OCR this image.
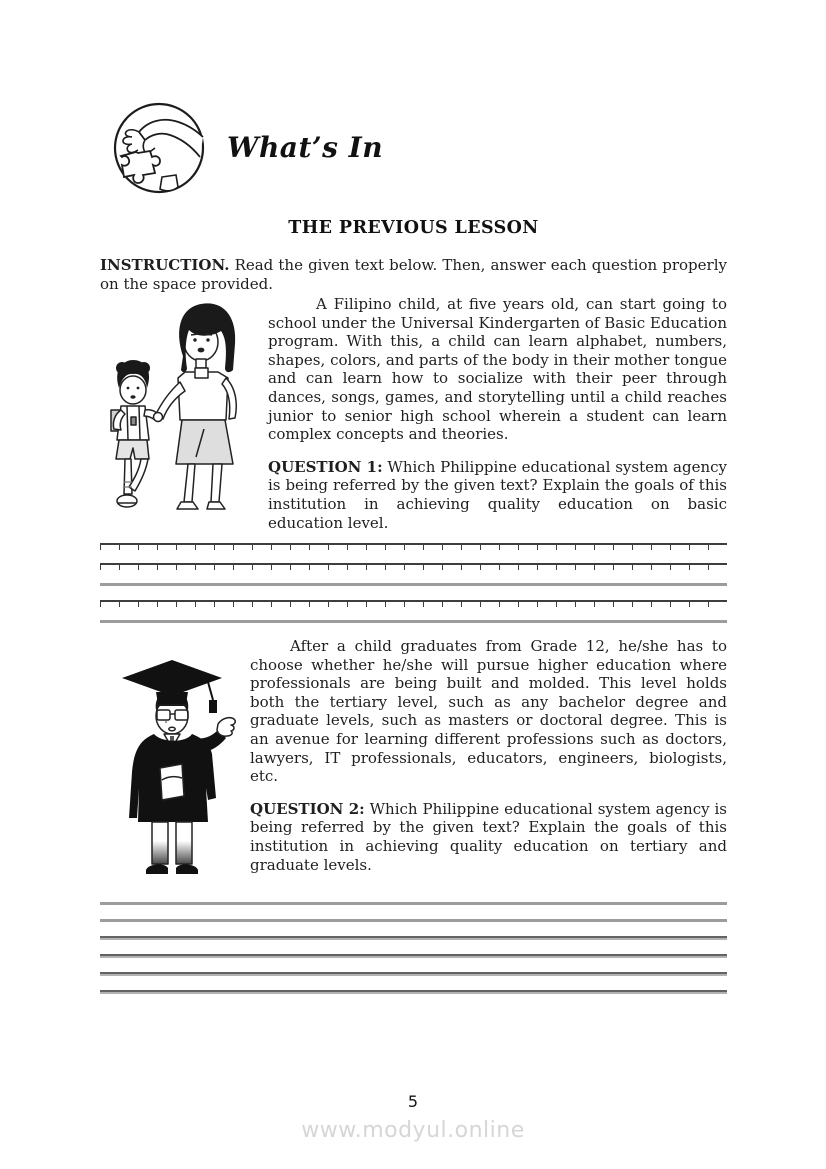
What’s In
THE PREVIOUS LESSON
INSTRUCTION. Read the given text below. Then, answer each question properly on the space provided.

A Filipino child, at five years old, can start going to school under the Universal Kindergarten of Basic Education program. With this, a child can learn alphabet, numbers, shapes, colors, and parts of the body in their mother tongue and can learn how to socialize with their peer through dances, songs, games, and storytelling until a child reaches junior to senior high school wherein a student can learn complex concepts and theories.

QUESTION 1: Which Philippine educational system agency is being referred by the given text? Explain the goals of this institution in achieving quality education on basic education level.

After a child graduates from Grade 12, he/she has to choose whether he/she will pursue higher education where professionals are being built and molded. This level holds both the tertiary level, such as any bachelor degree and graduate levels, such as masters or doctoral degree. This is an avenue for learning different professions such as doctors, lawyers, IT professionals, educators, engineers, biologists, etc.

QUESTION 2: Which Philippine educational system agency is being referred by the given text? Explain the goals of this institution in achieving quality education on tertiary and graduate levels.

5
www.modyul.online
